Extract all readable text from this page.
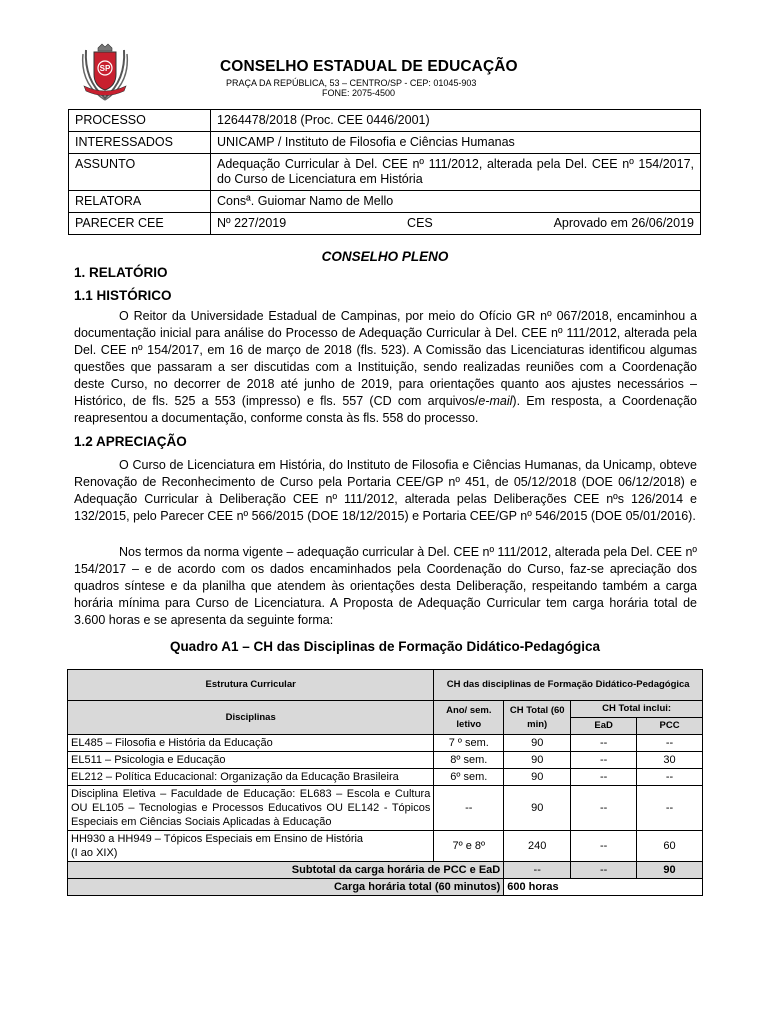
SP	CONSELHO ESTADUAL DE EDUCAÇÃO
PRAÇA DA REPÚBLICA, 53 – CENTRO/SP - CEP: 01045-903
FONE: 2075-4500
PROCESSO	1264478/2018 (Proc. CEE 0446/2001)
INTERESSADOS	UNICAMP / Instituto de Filosofia e Ciências Humanas
ASSUNTO	Adequação Curricular à Del. CEE nº 111/2012, alterada pela Del. CEE nº 154/2017, do Curso de Licenciatura em História
RELATORA	Consª. Guiomar Namo de Mello
PARECER CEE	Nº 227/2019 CES Aprovado em 26/06/2019
CONSELHO PLENO
1. RELATÓRIO
1.1 HISTÓRICO

O Reitor da Universidade Estadual de Campinas, por meio do Ofício GR nº 067/2018, encaminhou a documentação inicial para análise do Processo de Adequação Curricular à Del. CEE nº 111/2012, alterada pela Del. CEE nº 154/2017, em 16 de março de 2018 (fls. 523). A Comissão das Licenciaturas identificou algumas questões que passaram a ser discutidas com a Instituição, sendo realizadas reuniões com a Coordenação deste Curso, no decorrer de 2018 até junho de 2019, para orientações quanto aos ajustes necessários – Histórico, de fls. 525 a 553 (impresso) e fls. 557 (CD com arquivos/e-mail). Em resposta, a Coordenação reapresentou a documentação, conforme consta às fls. 558 do processo.

1.2 APRECIAÇÃO

O Curso de Licenciatura em História, do Instituto de Filosofia e Ciências Humanas, da Unicamp, obteve Renovação de Reconhecimento de Curso pela Portaria CEE/GP nº 451, de 05/12/2018 (DOE 06/12/2018) e Adequação Curricular à Deliberação CEE nº 111/2012, alterada pelas Deliberações CEE nºs 126/2014 e 132/2015, pelo Parecer CEE nº 566/2015 (DOE 18/12/2015) e Portaria CEE/GP nº 546/2015 (DOE 05/01/2016).

Nos termos da norma vigente – adequação curricular à Del. CEE nº 111/2012, alterada pela Del. CEE nº 154/2017 – e de acordo com os dados encaminhados pela Coordenação do Curso, faz-se apreciação dos quadros síntese e da planilha que atendem às orientações desta Deliberação, respeitando também a carga horária mínima para Curso de Licenciatura. A Proposta de Adequação Curricular tem carga horária total de 3.600 horas e se apresenta da seguinte forma:

Quadro A1 – CH das Disciplinas de Formação Didático-Pedagógica
Estrutura Curricular	CH das disciplinas de Formação Didático-Pedagógica			
Disciplinas	Ano/ sem. letivo	CH Total (60 min)	CH Total inclui:	
			EaD	PCC
EL485 – Filosofia e História da Educação	7 º sem.	90	--	--
EL511 – Psicologia e Educação	8º sem.	90	--	30
EL212 – Política Educacional: Organização da Educação Brasileira	6º sem.	90	--	--
Disciplina Eletiva – Faculdade de Educação: EL683 – Escola e Cultura OU EL105 – Tecnologias e Processos Educativos OU EL142 - Tópicos Especiais em Ciências Sociais Aplicadas à Educação	--	90	--	--

HH930 a HH949 – Tópicos Especiais em Ensino de História
(I ao XIX)	7º e 8º	240	--	60
Subtotal da carga horária de PCC e EaD		--	--	90
Carga horária total (60 minutos)		600 horas		
